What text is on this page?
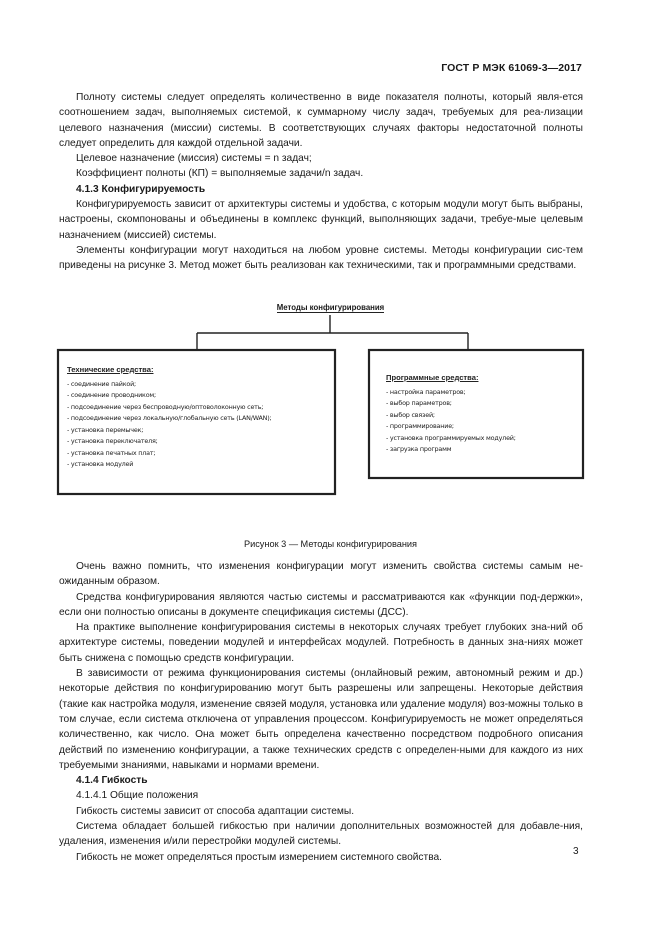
ГОСТ Р МЭК 61069-3—2017

Полноту системы следует определять количественно в виде показателя полноты, который явля-ется соотношением задач, выполняемых системой, к суммарному числу задач, требуемых для реа-лизации целевого назначения (миссии) системы. В соответствующих случаях факторы недостаточной полноты следует определить для каждой отдельной задачи.

Целевое назначение (миссия) системы = n задач;

Коэффициент полноты (КП) = выполняемые задачи/n задач.

4.1.3 Конфигурируемость

Конфигурируемость зависит от архитектуры системы и удобства, с которым модули могут быть выбраны, настроены, скомпонованы и объединены в комплекс функций, выполняющих задачи, требуе-мые целевым назначением (миссией) системы.

Элементы конфигурации могут находиться на любом уровне системы. Методы конфигурации сис-тем приведены на рисунке 3. Метод может быть реализован как техническими, так и программными средствами.

Методы конфигурирования
Технические средства:
- соединение пайкой;
- соединение проводником;
- подсоединение через беспроводную/оптоволоконную сеть;
- подсоединение через локальную/глобальную сеть (LAN/WAN);
- установка перемычек;
- установка переключателя;
- установка печатных плат;
- установка модулей
Программные средства:
- настройка параметров;
- выбор параметров;
- выбор связей;
- программирование;
- установка программируемых модулей;
- загрузка программ
Рисунок 3 — Методы конфигурирования

Очень важно помнить, что изменения конфигурации могут изменить свойства системы самым не-ожиданным образом.

Средства конфигурирования являются частью системы и рассматриваются как «функции под-держки», если они полностью описаны в документе спецификация системы (ДСС).

На практике выполнение конфигурирования системы в некоторых случаях требует глубоких зна-ний об архитектуре системы, поведении модулей и интерфейсах модулей. Потребность в данных зна-ниях может быть снижена с помощью средств конфигурации.

В зависимости от режима функционирования системы (онлайновый режим, автономный режим и др.) некоторые действия по конфигурированию могут быть разрешены или запрещены. Некоторые действия (такие как настройка модуля, изменение связей модуля, установка или удаление модуля) воз-можны только в том случае, если система отключена от управления процессом. Конфигурируемость не может определяться количественно, как число. Она может быть определена качественно посредством подробного описания действий по изменению конфигурации, а также технических средств с определен-ными для каждого из них требуемыми знаниями, навыками и нормами времени.

4.1.4 Гибкость

4.1.4.1 Общие положения

Гибкость системы зависит от способа адаптации системы.

Система обладает большей гибкостью при наличии дополнительных возможностей для добавле-ния, удаления, изменения и/или перестройки модулей системы.

Гибкость не может определяться простым измерением системного свойства.

3
